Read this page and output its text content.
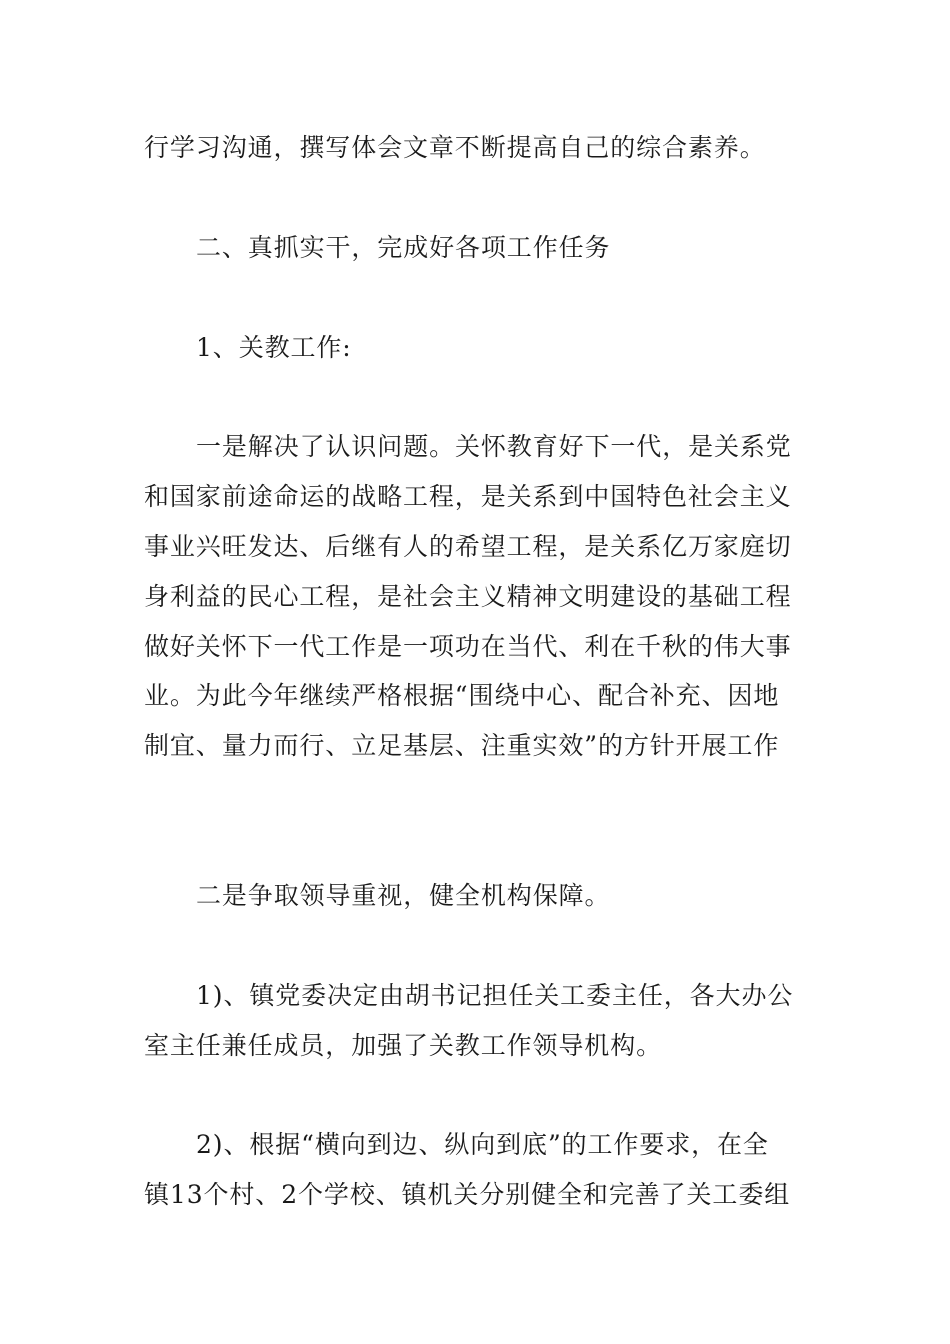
行学习沟通，撰写体会文章不断提高自己的综合素养。
二、真抓实干，完成好各项工作任务
1、关教工作:
一是解决了认识问题。关怀教育好下一代，是关系党
和国家前途命运的战略工程，是关系到中国特色社会主义
事业兴旺发达、后继有人的希望工程，是关系亿万家庭切
身利益的民心工程，是社会主义精神文明建设的基础工程
做好关怀下一代工作是一项功在当代、利在千秋的伟大事
业。为此今年继续严格根据“围绕中心、配合补充、因地
制宜、量力而行、立足基层、注重实效”的方针开展工作
二是争取领导重视，健全机构保障。
1)、镇党委决定由胡书记担任关工委主任，各大办公
室主任兼任成员，加强了关教工作领导机构。
2)、根据“横向到边、纵向到底”的工作要求，在全
镇13个村、2个学校、镇机关分别健全和完善了关工委组
